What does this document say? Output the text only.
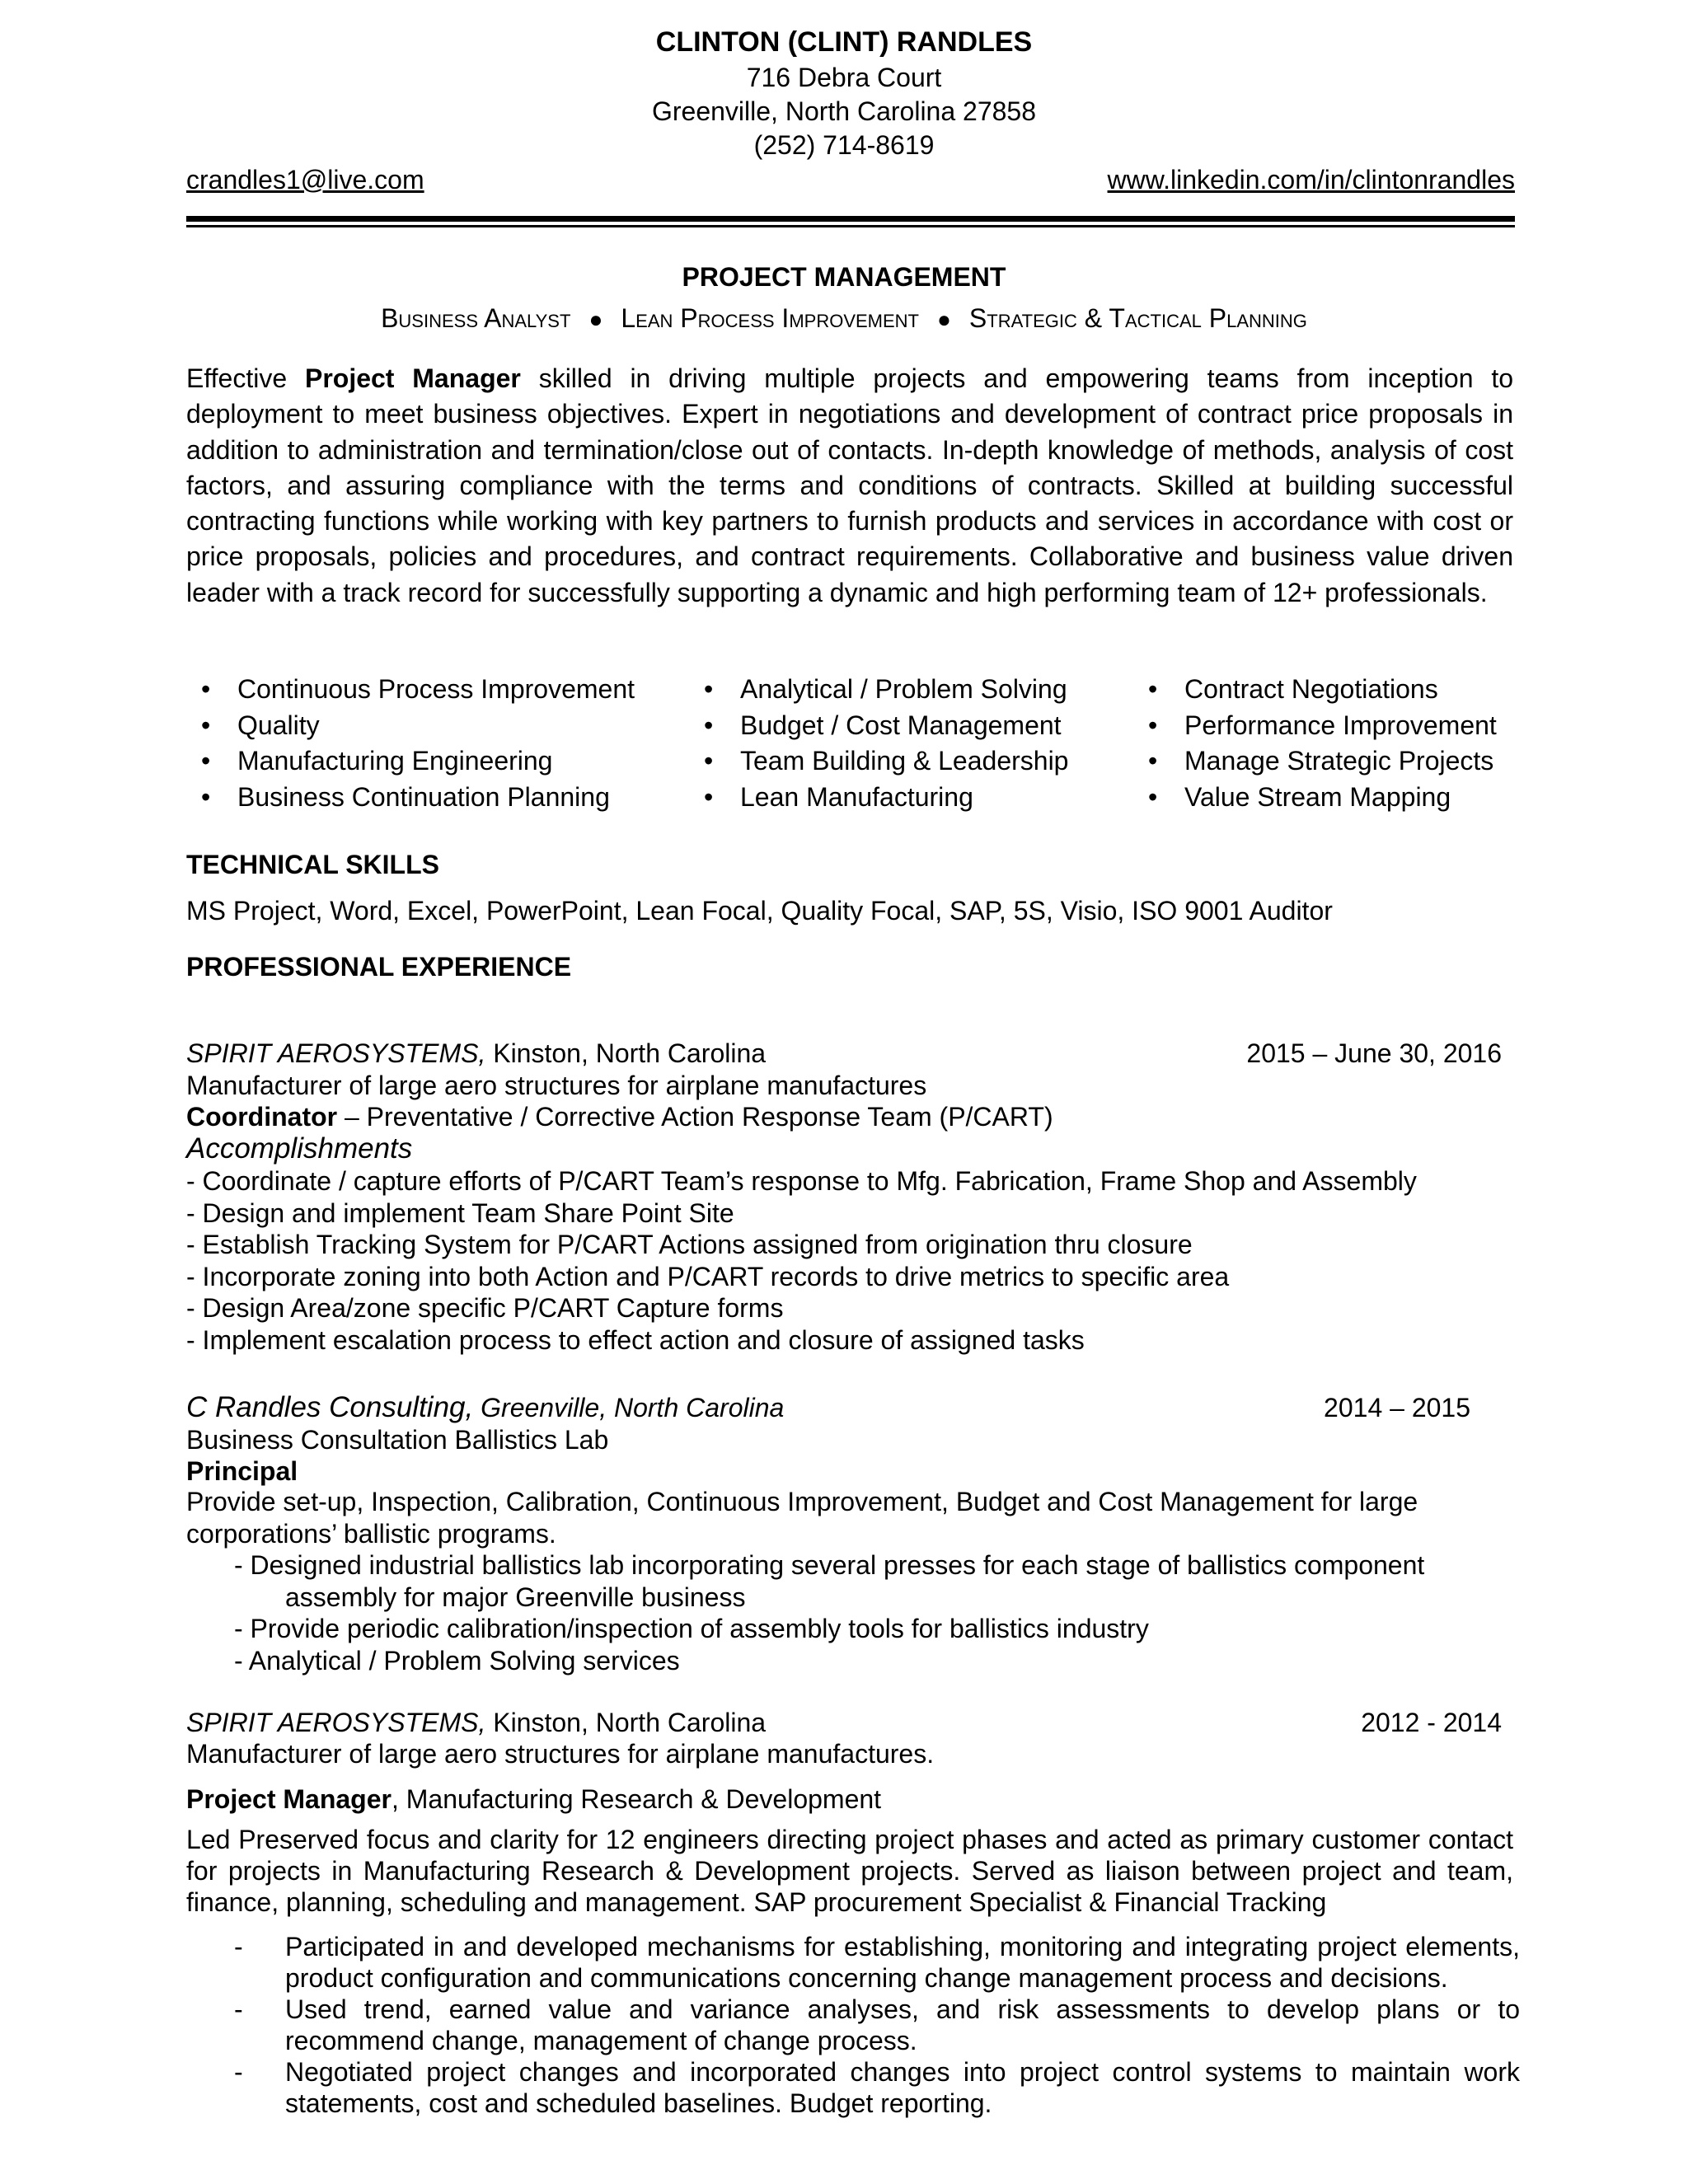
CLINTON (CLINT) RANDLES
716 Debra Court
Greenville, North Carolina 27858
(252) 714-8619
crandles1@live.com	www.linkedin.com/in/clintonrandles
PROJECT MANAGEMENT
Business Analyst ● Lean Process Improvement ● Strategic & Tactical Planning

Effective Project Manager skilled in driving multiple projects and empowering teams from inception to deployment to meet business objectives. Expert in negotiations and development of contract price proposals in addition to administration and termination/close out of contacts. In-depth knowledge of methods, analysis of cost factors, and assuring compliance with the terms and conditions of contracts. Skilled at building successful contracting functions while working with key partners to furnish products and services in accordance with cost or price proposals, policies and procedures, and contract requirements. Collaborative and business value driven leader with a track record for successfully supporting a dynamic and high performing team of 12+ professionals.

• Continuous Process Improvement
• Quality
• Manufacturing Engineering
• Business Continuation Planning
• Analytical / Problem Solving
• Budget / Cost Management
• Team Building & Leadership
• Lean Manufacturing
• Contract Negotiations
• Performance Improvement
• Manage Strategic Projects
• Value Stream Mapping
TECHNICAL SKILLS
MS Project, Word, Excel, PowerPoint, Lean Focal, Quality Focal, SAP, 5S, Visio, ISO 9001 Auditor
PROFESSIONAL EXPERIENCE
SPIRIT AEROSYSTEMS, Kinston, North Carolina	2015 – June 30, 2016
Manufacturer of large aero structures for airplane manufactures
Coordinator – Preventative / Corrective Action Response Team (P/CART)
Accomplishments
- Coordinate / capture efforts of P/CART Team’s response to Mfg. Fabrication, Frame Shop and Assembly
- Design and implement Team Share Point Site
- Establish Tracking System for P/CART Actions assigned from origination thru closure
- Incorporate zoning into both Action and P/CART records to drive metrics to specific area
- Design Area/zone specific P/CART Capture forms
- Implement escalation process to effect action and closure of assigned tasks
C Randles Consulting, Greenville, North Carolina	2014 – 2015
Business Consultation Ballistics Lab
Principal
Provide set-up, Inspection, Calibration, Continuous Improvement, Budget and Cost Management for large corporations’ ballistic programs.
- Designed industrial ballistics lab incorporating several presses for each stage of ballistics component assembly for major Greenville business
- Provide periodic calibration/inspection of assembly tools for ballistics industry
- Analytical / Problem Solving services
SPIRIT AEROSYSTEMS, Kinston, North Carolina	2012 - 2014
Manufacturer of large aero structures for airplane manufactures.
Project Manager, Manufacturing Research & Development
Led Preserved focus and clarity for 12 engineers directing project phases and acted as primary customer contact for projects in Manufacturing Research & Development projects. Served as liaison between project and team, finance, planning, scheduling and management. SAP procurement Specialist & Financial Tracking
- Participated in and developed mechanisms for establishing, monitoring and integrating project elements, product configuration and communications concerning change management process and decisions.
- Used trend, earned value and variance analyses, and risk assessments to develop plans or to recommend change, management of change process.
- Negotiated project changes and incorporated changes into project control systems to maintain work statements, cost and scheduled baselines. Budget reporting.
